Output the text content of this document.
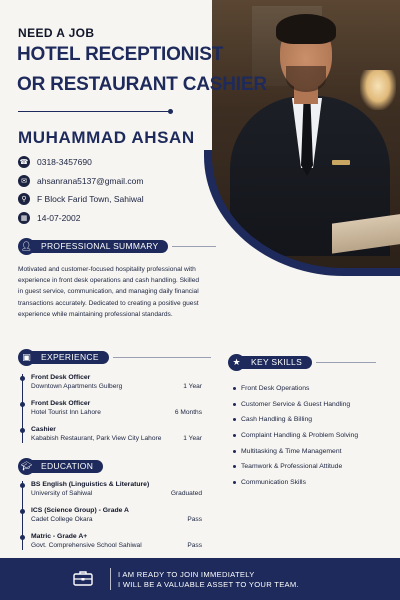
NEED A JOB
HOTEL RECEPTIONIST
OR RESTAURANT CASHIER
MUHAMMAD AHSAN
☎ 0318-3457690
✉	ahsanrana5137@gmail.com
⚲	F Block Farid Town, Sahiwal
▦	14-07-2002
👤︎	PROFESSIONAL SUMMARY
Motivated and customer-focused hospitality professional with experience in front desk operations and cash handling. Skilled in guest service, communication, and managing daily financial transactions accurately. Dedicated to creating a positive guest experience while maintaining professional standards.
▣	EXPERIENCE
Front Desk Officer
Downtown Apartments Gulberg	1 Year
Front Desk Officer
Hotel Tourist Inn Lahore	6 Months
Cashier
Kababish Restaurant, Park View City Lahore	1 Year
🎓︎	EDUCATION
BS English (Linguistics & Literature)
University of Sahiwal	Graduated
ICS (Science Group) - Grade A
Cadet College Okara	Pass
Matric - Grade A+
Govt. Comprehensive School Sahiwal	Pass
★	KEY SKILLS
Front Desk Operations
Customer Service & Guest Handling
Cash Handling & Billing
Complaint Handling & Problem Solving
Multitasking & Time Management
Teamwork & Professional Attitude
Communication Skills
I AM READY TO JOIN IMMEDIATELY
I WILL BE A VALUABLE ASSET TO YOUR TEAM.
